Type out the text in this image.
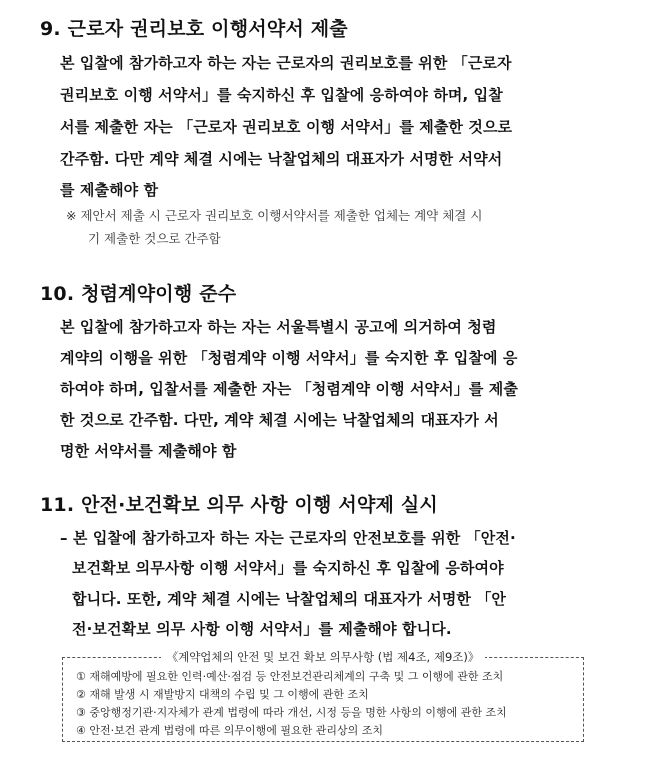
9. 근로자 권리보호 이행서약서 제출
본 입찰에 참가하고자 하는 자는 근로자의 권리보호를 위한 「근로자
권리보호 이행 서약서」를 숙지하신 후 입찰에 응하여야 하며, 입찰
서를 제출한 자는 「근로자 권리보호 이행 서약서」를 제출한 것으로
간주함. 다만 계약 체결 시에는 낙찰업체의 대표자가 서명한 서약서
를 제출해야 함
※ 제안서 제출 시 근로자 권리보호 이행서약서를 제출한 업체는 계약 체결 시
기 제출한 것으로 간주함
10. 청렴계약이행 준수
본 입찰에 참가하고자 하는 자는 서울특별시 공고에 의거하여 청렴
계약의 이행을 위한 「청렴계약 이행 서약서」를 숙지한 후 입찰에 응
하여야 하며, 입찰서를 제출한 자는 「청렴계약 이행 서약서」를 제출
한 것으로 간주함. 다만, 계약 체결 시에는 낙찰업체의 대표자가 서
명한 서약서를 제출해야 함
11. 안전·보건확보 의무 사항 이행 서약제 실시
– 본 입찰에 참가하고자 하는 자는 근로자의 안전보호를 위한 「안전·
보건확보 의무사항 이행 서약서」를 숙지하신 후 입찰에 응하여야
합니다. 또한, 계약 체결 시에는 낙찰업체의 대표자가 서명한 「안
전·보건확보 의무 사항 이행 서약서」를 제출해야 합니다.
《계약업체의 안전 및 보건 확보 의무사항 (법 제4조, 제9조)》
① 재해예방에 필요한 인력·예산·점검 등 안전보건관리체계의 구축 및 그 이행에 관한 조치
② 재해 발생 시 재발방지 대책의 수립 및 그 이행에 관한 조치
③ 중앙행정기관·지자체가 관계 법령에 따라 개선, 시정 등을 명한 사항의 이행에 관한 조치
④ 안전·보건 관계 법령에 따른 의무이행에 필요한 관리상의 조치
